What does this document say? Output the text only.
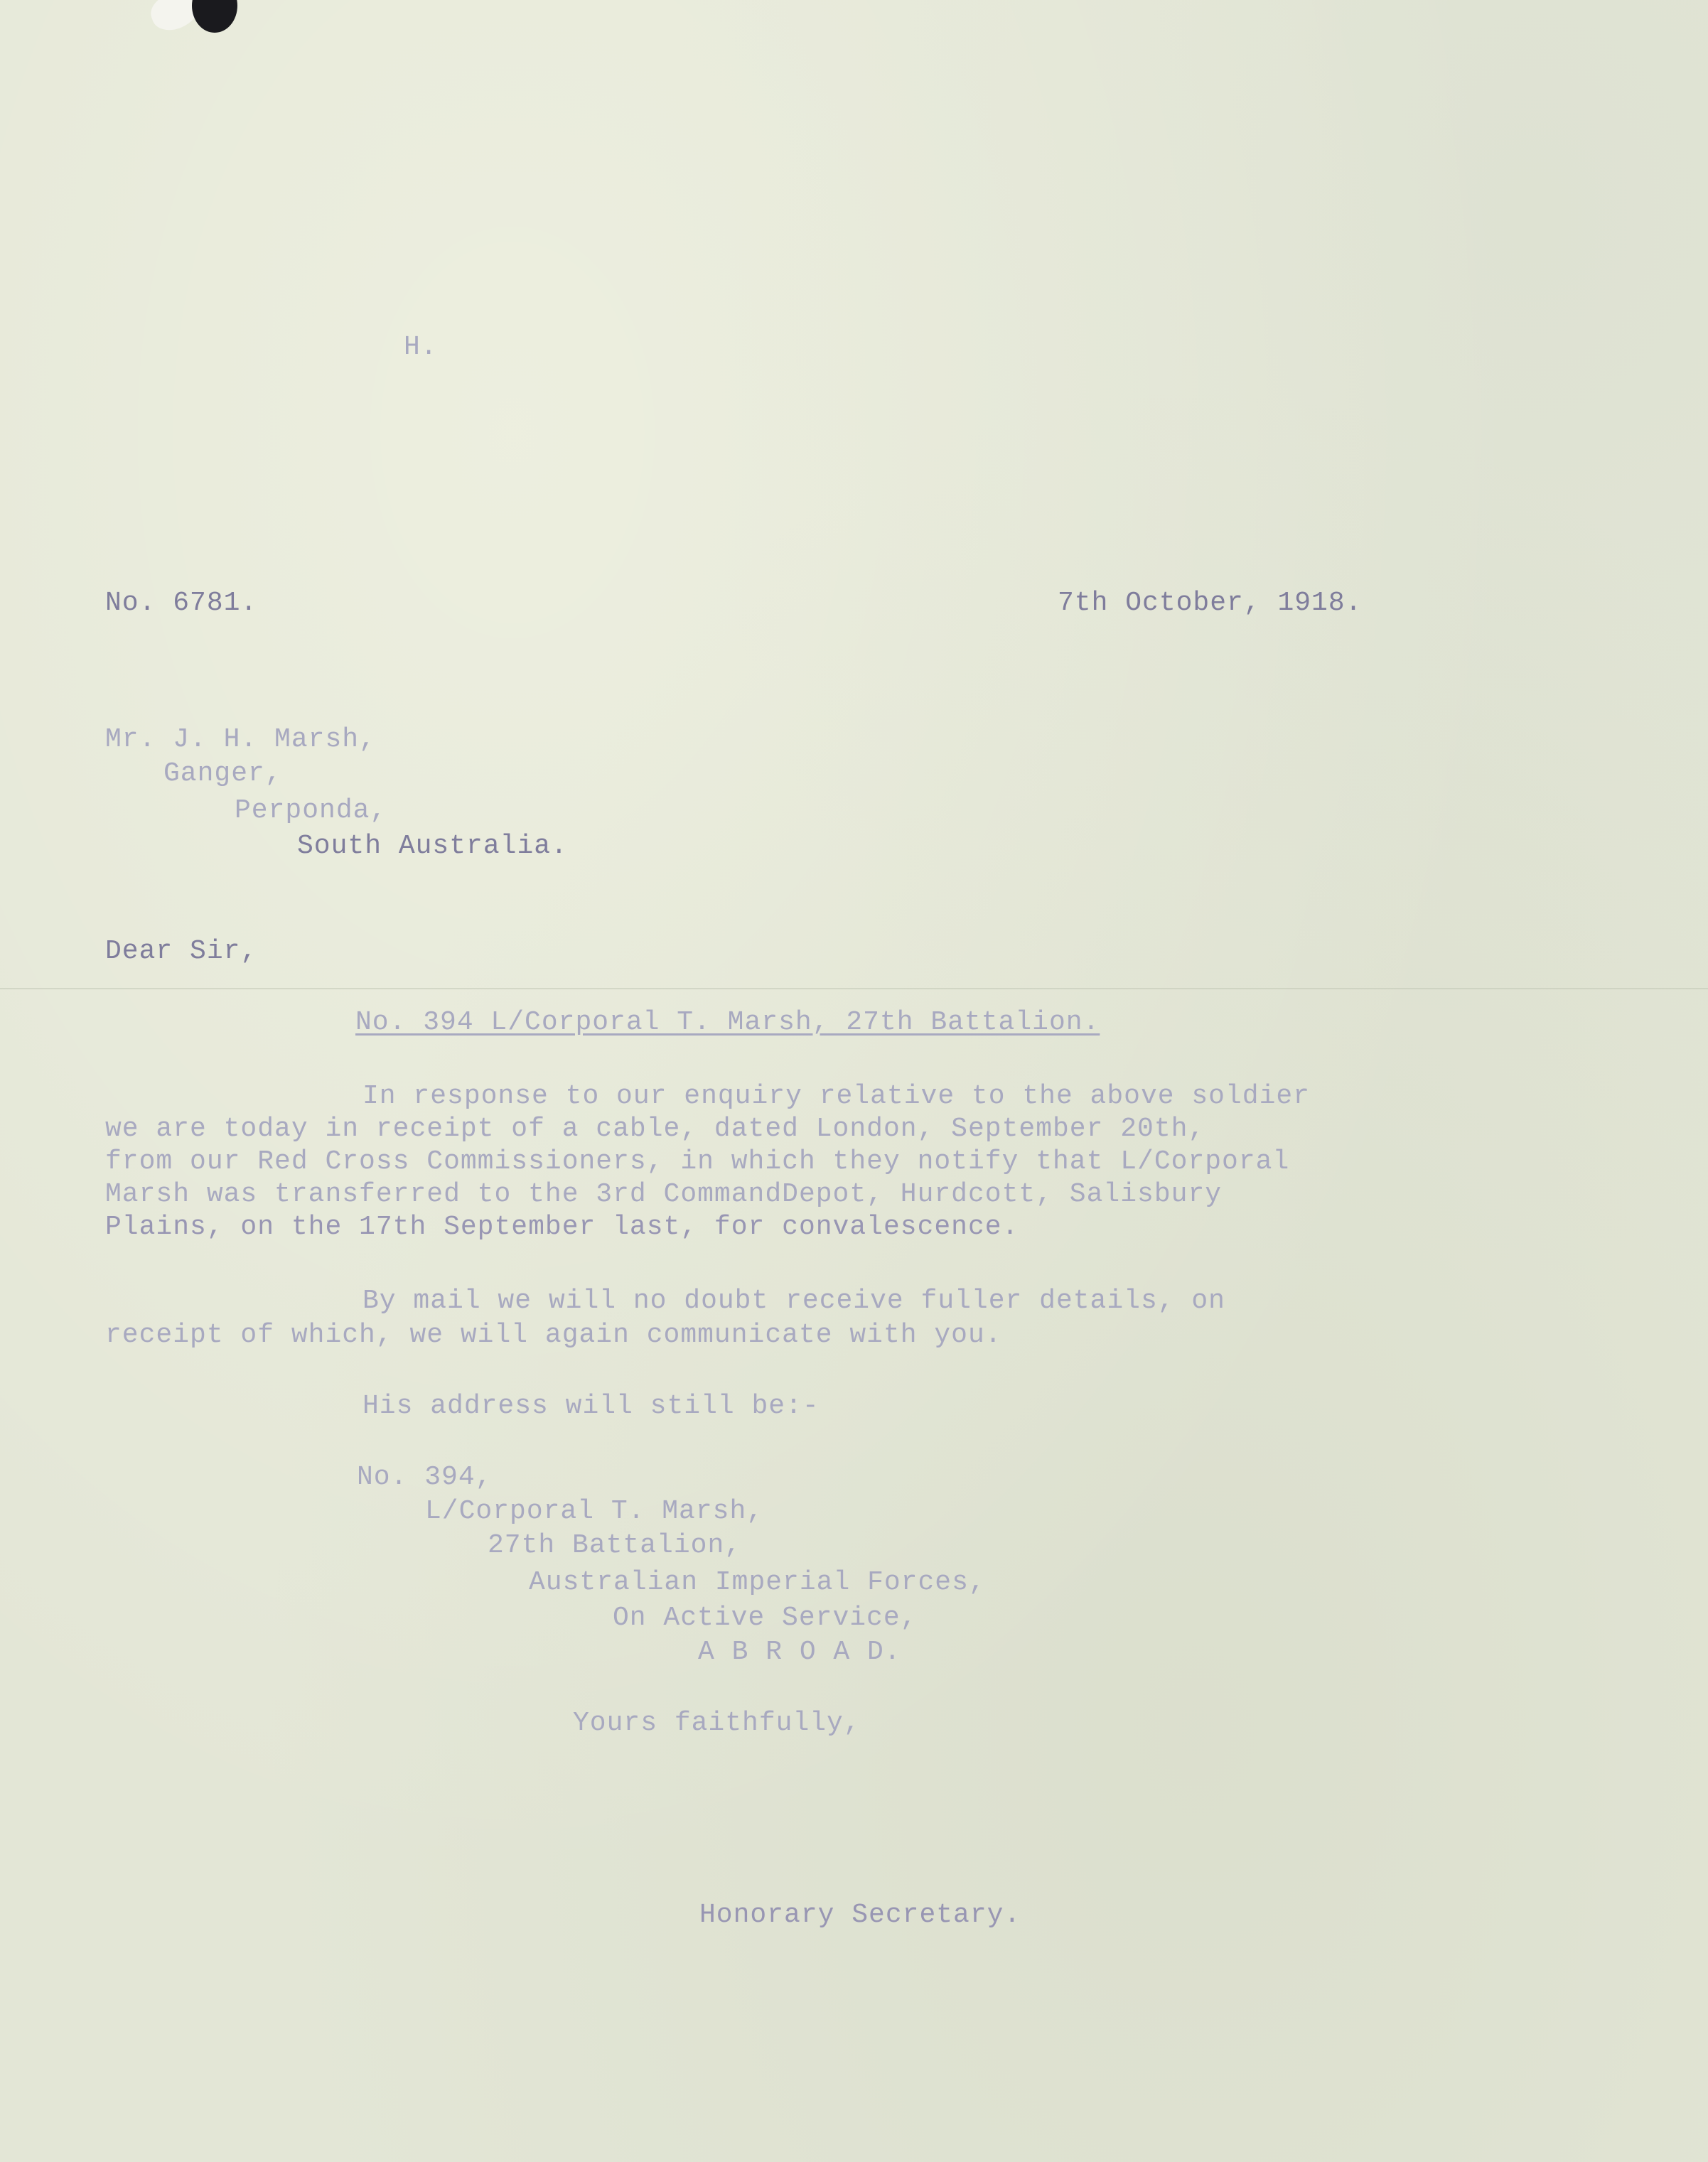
H.

No. 6781.	7th October, 1918.

Mr. J. H. Marsh,

Ganger,

Perponda,

South Australia.

Dear Sir,

No. 394 L/Corporal T. Marsh, 27th Battalion.

In response to our enquiry relative to the above soldier

we are today in receipt of a cable, dated London, September 20th,

from our Red Cross Commissioners, in which they notify that L/Corporal

Marsh was transferred to the 3rd CommandDepot, Hurdcott, Salisbury

Plains, on the 17th September last, for convalescence.

By mail we will no doubt receive fuller details, on

receipt of which, we will again communicate with you.

His address will still be:-

No. 394,

L/Corporal T. Marsh,

27th Battalion,

Australian Imperial Forces,

On Active Service,

A B R O A D.

Yours faithfully,

Honorary Secretary.
